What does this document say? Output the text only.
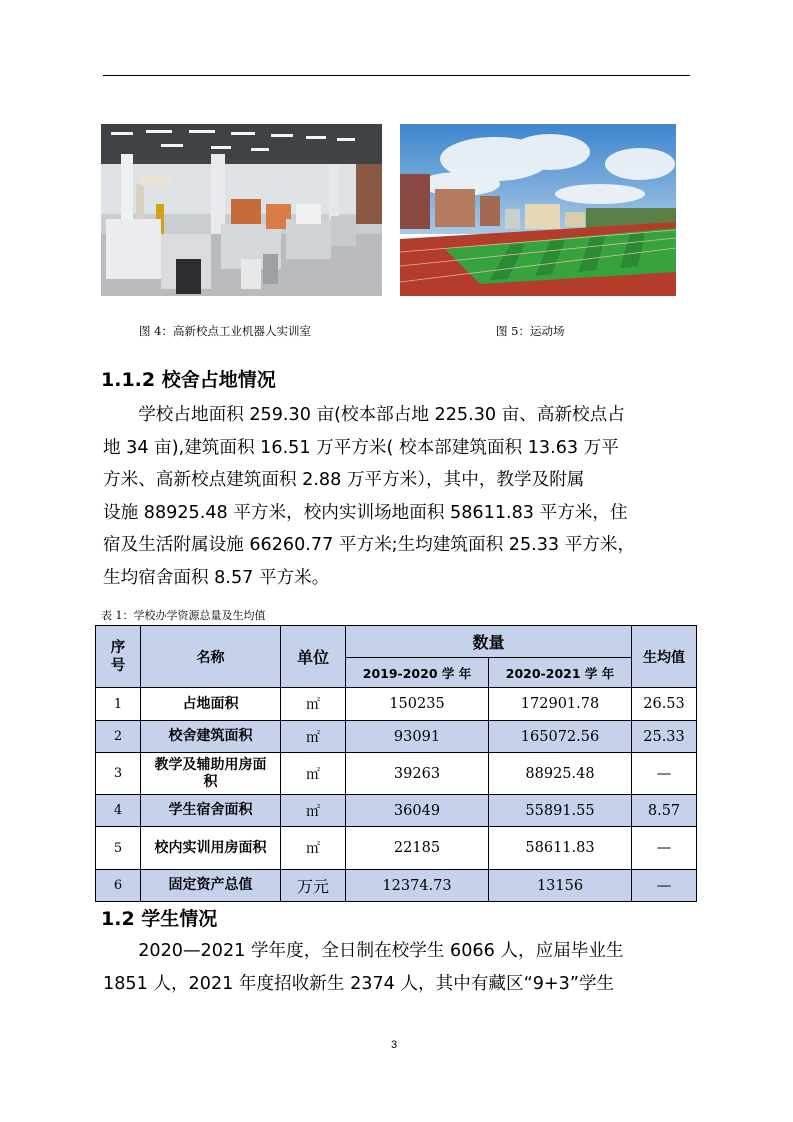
图 4：高新校点工业机器人实训室	图 5：运动场
1.1.2 校舍占地情况
　　学校占地面积 259.30 亩(校本部占地 225.30 亩、高新校点占
地 34 亩),建筑面积 16.51 万平方米( 校本部建筑面积 13.63 万平
方米、高新校点建筑面积 2.88 万平方米），其中，教学及附属
设施 88925.48 平方米，校内实训场地面积 58611.83 平方米，住
宿及生活附属设施 66260.77 平方米;生均建筑面积 25.33 平方米，
生均宿舍面积 8.57 平方米。
表 1：学校办学资源总量及生均值
序号	名称	单位	数量		生均值
			2019-2020 学 年	2020-2021 学 年	
1	占地面积	㎡	150235	172901.78	26.53
2	校舍建筑面积	㎡	93091	165072.56	25.33
3	教学及辅助用房面积	㎡	39263	88925.48	—
4	学生宿舍面积	㎡	36049	55891.55	8.57
5	校内实训用房面积	㎡	22185	58611.83	—
6	固定资产总值	万元	12374.73	13156	—
1.2 学生情况
　　2020—2021 学年度，全日制在校学生 6066 人，应届毕业生
1851 人，2021 年度招收新生 2374 人，其中有藏区“9+3”学生
3
